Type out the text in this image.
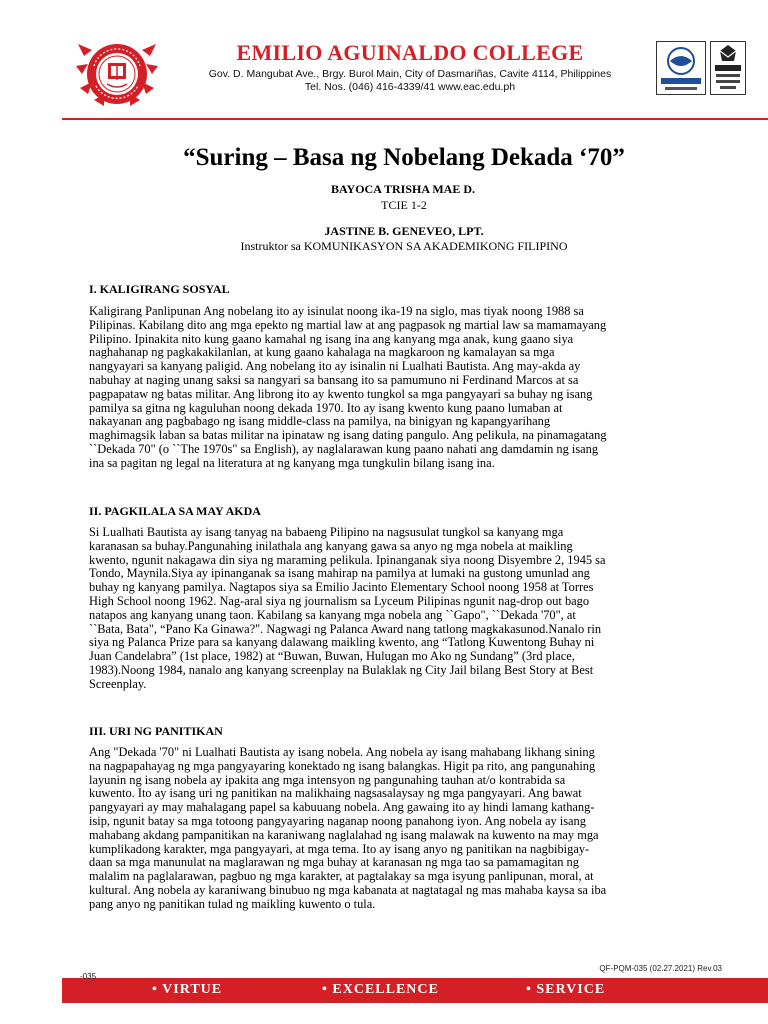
EMILIO AGUINALDO COLLEGE
Gov. D. Mangubat Ave., Brgy. Burol Main, City of Dasmariñas, Cavite 4114, Philippines
Tel. Nos. (046) 416-4339/41 www.eac.edu.ph
“Suring – Basa ng Nobelang Dekada ‘70”
BAYOCA TRISHA MAE D.
TCIE 1-2
JASTINE B. GENEVEO, LPT.
Instruktor sa KOMUNIKASYON SA AKADEMIKONG FILIPINO
I. KALIGIRANG SOSYAL
Kaligirang Panlipunan Ang nobelang ito ay isinulat noong ika-19 na siglo, mas tiyak noong 1988 sa
Pilipinas. Kabilang dito ang mga epekto ng martial law at ang pagpasok ng martial law sa mamamayang
Pilipino. Ipinakita nito kung gaano kamahal ng isang ina ang kanyang mga anak, kung gaano siya
naghahanap ng pagkakakilanlan, at kung gaano kahalaga na magkaroon ng kamalayan sa mga
nangyayari sa kanyang paligid. Ang nobelang ito ay isinalin ni Lualhati Bautista. Ang may-akda ay
nabuhay at naging unang saksi sa nangyari sa bansang ito sa pamumuno ni Ferdinand Marcos at sa
pagpapataw ng batas militar. Ang librong ito ay kwento tungkol sa mga pangyayari sa buhay ng isang
pamilya sa gitna ng kaguluhan noong dekada 1970. Ito ay isang kwento kung paano lumaban at
nakayanan ang pagbabago ng isang middle-class na pamilya, na binigyan ng kapangyarihang
maghimagsik laban sa batas militar na ipinataw ng isang dating pangulo. Ang pelikula, na pinamagatang
``Dekada 70" (o ``The 1970s" sa English), ay naglalarawan kung paano nahati ang damdamin ng isang
ina sa pagitan ng legal na literatura at ng kanyang mga tungkulin bilang isang ina.
II. PAGKILALA SA MAY AKDA
Si Lualhati Bautista ay isang tanyag na babaeng Pilipino na nagsusulat tungkol sa kanyang mga
karanasan sa buhay.Pangunahing inilathala ang kanyang gawa sa anyo ng mga nobela at maikling
kwento, ngunit nakagawa din siya ng maraming pelikula. Ipinanganak siya noong Disyembre 2, 1945 sa
Tondo, Maynila.Siya ay ipinanganak sa isang mahirap na pamilya at lumaki na gustong umunlad ang
buhay ng kanyang pamilya. Nagtapos siya sa Emilio Jacinto Elementary School noong 1958 at Torres
High School noong 1962. Nag-aral siya ng journalism sa Lyceum Pilipinas ngunit nag-drop out bago
natapos ang kanyang unang taon. Kabilang sa kanyang mga nobela ang ``Gapo", ``Dekada '70", at
``Bata, Bata", “Pano Ka Ginawa?". Nagwagi ng Palanca Award nang tatlong magkakasunod.Nanalo rin
siya ng Palanca Prize para sa kanyang dalawang maikling kwento, ang “Tatlong Kuwentong Buhay ni
Juan Candelabra” (1st place, 1982) at “Buwan, Buwan, Hulugan mo Ako ng Sundang” (3rd place,
1983).Noong 1984, nanalo ang kanyang screenplay na Bulaklak ng City Jail bilang Best Story at Best
Screenplay.
III. URI NG PANITIKAN
Ang "Dekada '70" ni Lualhati Bautista ay isang nobela. Ang nobela ay isang mahabang likhang sining
na nagpapahayag ng mga pangyayaring konektado ng isang balangkas. Higit pa rito, ang pangunahing
layunin ng isang nobela ay ipakita ang mga intensyon ng pangunahing tauhan at/o kontrabida sa
kuwento. Ito ay isang uri ng panitikan na malikhaing nagsasalaysay ng mga pangyayari. Ang bawat
pangyayari ay may mahalagang papel sa kabuuang nobela. Ang gawaing ito ay hindi lamang kathang-
isip, ngunit batay sa mga totoong pangyayaring naganap noong panahong iyon. Ang nobela ay isang
mahabang akdang pampanitikan na karaniwang naglalahad ng isang malawak na kuwento na may mga
kumplikadong karakter, mga pangyayari, at mga tema. Ito ay isang anyo ng panitikan na nagbibigay-
daan sa mga manunulat na maglarawan ng mga buhay at karanasan ng mga tao sa pamamagitan ng
malalim na paglalarawan, pagbuo ng mga karakter, at pagtalakay sa mga isyung panlipunan, moral, at
kultural. Ang nobela ay karaniwang binubuo ng mga kabanata at nagtatagal ng mas mahaba kaysa sa iba
pang anyo ng panitikan tulad ng maikling kuwento o tula.
QF-PQM-035 (02.27.2021) Rev.03
• VIRTUE	• EXCELLENCE	• SERVICE
-035
